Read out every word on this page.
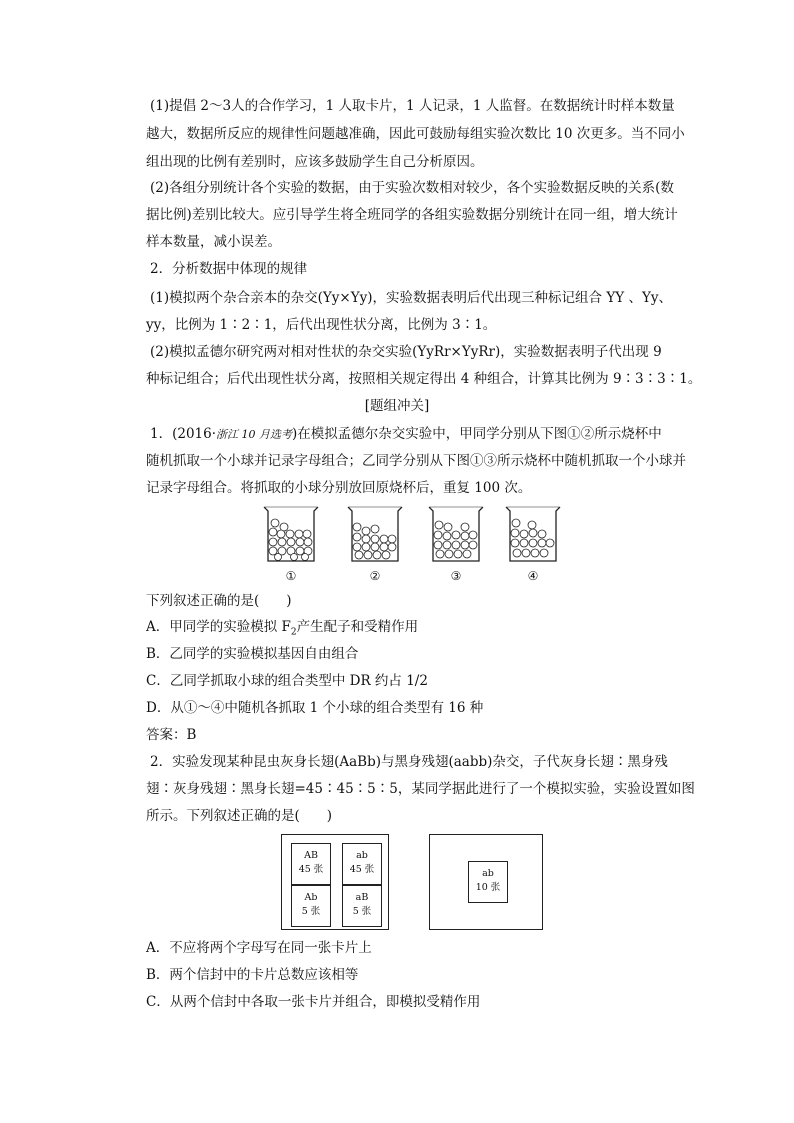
(1)提倡 2～3人的合作学习，1 人取卡片，1 人记录，1 人监督。在数据统计时样本数量
越大，数据所反应的规律性问题越准确，因此可鼓励每组实验次数比 10 次更多。当不同小
组出现的比例有差别时，应该多鼓励学生自己分析原因。
(2)各组分别统计各个实验的数据，由于实验次数相对较少，各个实验数据反映的关系(数
据比例)差别比较大。应引导学生将全班同学的各组实验数据分别统计在同一组，增大统计
样本数量，减小误差。
2．分析数据中体现的规律
(1)模拟两个杂合亲本的杂交(Yy×Yy)，实验数据表明后代出现三种标记组合 YY 、Yy、
yy，比例为 1∶2∶1，后代出现性状分离，比例为 3∶1。
(2)模拟孟德尔研究两对相对性状的杂交实验(YyRr×YyRr)，实验数据表明子代出现 9
种标记组合；后代出现性状分离，按照相关规定得出 4 种组合，计算其比例为 9∶3∶3∶1。
[题组冲关]
1．(2016·浙江 10 月选考)在模拟孟德尔杂交实验中，甲同学分别从下图①②所示烧杯中
随机抓取一个小球并记录字母组合；乙同学分别从下图①③所示烧杯中随机抓取一个小球并
记录字母组合。将抓取的小球分别放回原烧杯后，重复 100 次。
①	②	③	④
下列叙述正确的是(　　)
A．甲同学的实验模拟 $F_2$产生配子和受精作用
B．乙同学的实验模拟基因自由组合
C．乙同学抓取小球的组合类型中 DR 约占 1/2
D．从①～④中随机各抓取 1 个小球的组合类型有 16 种
答案：B
2．实验发现某种昆虫灰身长翅(AaBb)与黑身残翅(aabb)杂交，子代灰身长翅∶黑身残
翅∶灰身残翅∶黑身长翅=45∶45∶5∶5，某同学据此进行了一个模拟实验，实验设置如图
所示。下列叙述正确的是(　　)
AB
45 张
ab
45 张
Ab
5 张
aB
5 张
ab
10 张
A．不应将两个字母写在同一张卡片上
B．两个信封中的卡片总数应该相等
C．从两个信封中各取一张卡片并组合，即模拟受精作用
